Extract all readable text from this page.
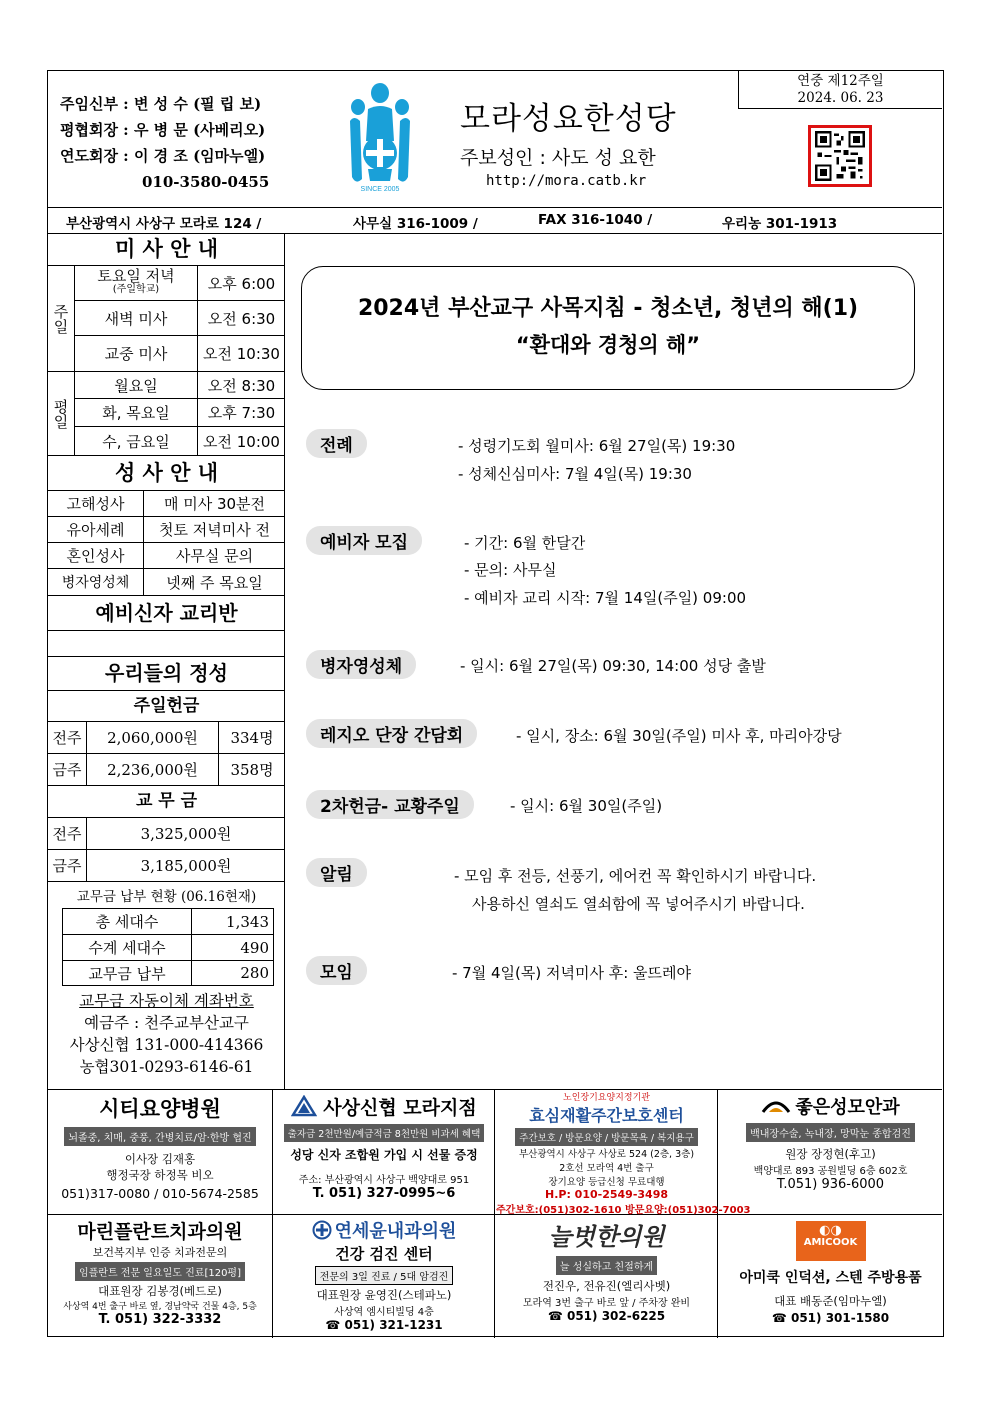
주임신부 : 변 성 수 (필 립 보)
평협회장 : 우 병 문 (사베리오)
연도회장 : 이 경 조 (임마누엘)
010-3580-0455	SINCE 2005
모라성요한성당
주보성인 : 사도 성 요한
http://mora.catb.kr
연중 제12주일
2024. 06. 23
부산광역시 사상구 모라로 124 /	사무실 316-1009 /	FAX 316-1040 /	우리농 301-1913
미 사 안 내
주일
토요일 저녁
(주일학교)	오후 6:00
새벽 미사	오전 6:30
교중 미사	오전 10:30
평일
월요일	오전 8:30
화, 목요일	오후 7:30
수, 금요일	오전 10:00
성 사 안 내
고해성사	매 미사 30분전
유아세례	첫토 저녁미사 전
혼인성사	사무실 문의
병자영성체	넷째 주 목요일
예비신자 교리반
우리들의 정성
주일헌금
전주	2,060,000원	334명
금주	2,236,000원	358명
교 무 금
전주	3,325,000원
금주	3,185,000원
교무금 납부 현황 (06.16현재)
총 세대수	1,343
수계 세대수	490
교무금 납부	280
교무금 자동이체 계좌번호
예금주 : 천주교부산교구
사상신협 131-000-414366
농협301-0293-6146-61
2024년 부산교구 사목지침 - 청소년, 청년의 해(1)
“환대와 경청의 해”
전례	- 성령기도회 월미사: 6월 27일(목) 19:30
- 성체신심미사: 7월 4일(목) 19:30
예비자 모집	- 기간: 6월 한달간
- 문의: 사무실
- 예비자 교리 시작: 7월 14일(주일) 09:00
병자영성체	- 일시: 6월 27일(목) 09:30, 14:00 성당 출발
레지오 단장 간담회	- 일시, 장소: 6월 30일(주일) 미사 후, 마리아강당
2차헌금- 교황주일	- 일시: 6월 30일(주일)
알림	- 모임 후 전등, 선풍기, 에어컨 꼭 확인하시기 바랍니다.
사용하신 열쇠도 열쇠함에 꼭 넣어주시기 바랍니다.
모임	- 7월 4일(목) 저녁미사 후: 울뜨레야
시티요양병원
뇌졸중, 치매, 중풍, 간병치료/암·한방 협진
이사장 김재홍
행정국장 하정목 비오
051)317-0080 / 010-5674-2585
사상신협 모라지점
출자금 2천만원/예금적금 8천만원 비과세 혜택
성당 신자 조합원 가입 시 선물 증정
주소: 부산광역시 사상구 백양대로 951
T. 051) 327-0995~6
노인장기요양지정기관
효심재활주간보호센터
주간보호 / 방문요양 / 방문목욕 / 복지용구
부산광역시 사상구 사상로 524 (2층, 3층)
2호선 모라역 4번 출구
장기요양 등급신청 무료대행
H.P: 010-2549-3498
주간보호:(051)302-1610 방문요양:(051)302-7003
좋은성모안과
백내장수술, 녹내장, 망막눈 종합검진
원장 장정현(후고)
백양대로 893 공원빌딩 6층 602호
T.051) 936-6000
마린플란트치과의원
보건복지부 인증 치과전문의
임플란트 전문 일요일도 진료[120평]
대표원장 김봉경(베드로)
사상역 4번 출구 바로 옆, 경남약국 건물 4층, 5층
T. 051) 322-3332
연세윤내과의원
건강 검진 센터
전문의 3일 진료 / 5대 암검진
대표원장 윤영진(스테파노)
사상역 엠시티빌딩 4층
☎ 051) 321-1231
늘벗한의원
늘 성실하고 친절하게
전진우, 전유진(엘리사벳)
모라역 3번 출구 바로 앞 / 주차장 완비
☎ 051) 302-6225
◐◑
AMICOOK
아미쿡 인덕션, 스텐 주방용품
대표 배동준(임마누엘)
☎ 051) 301-1580
